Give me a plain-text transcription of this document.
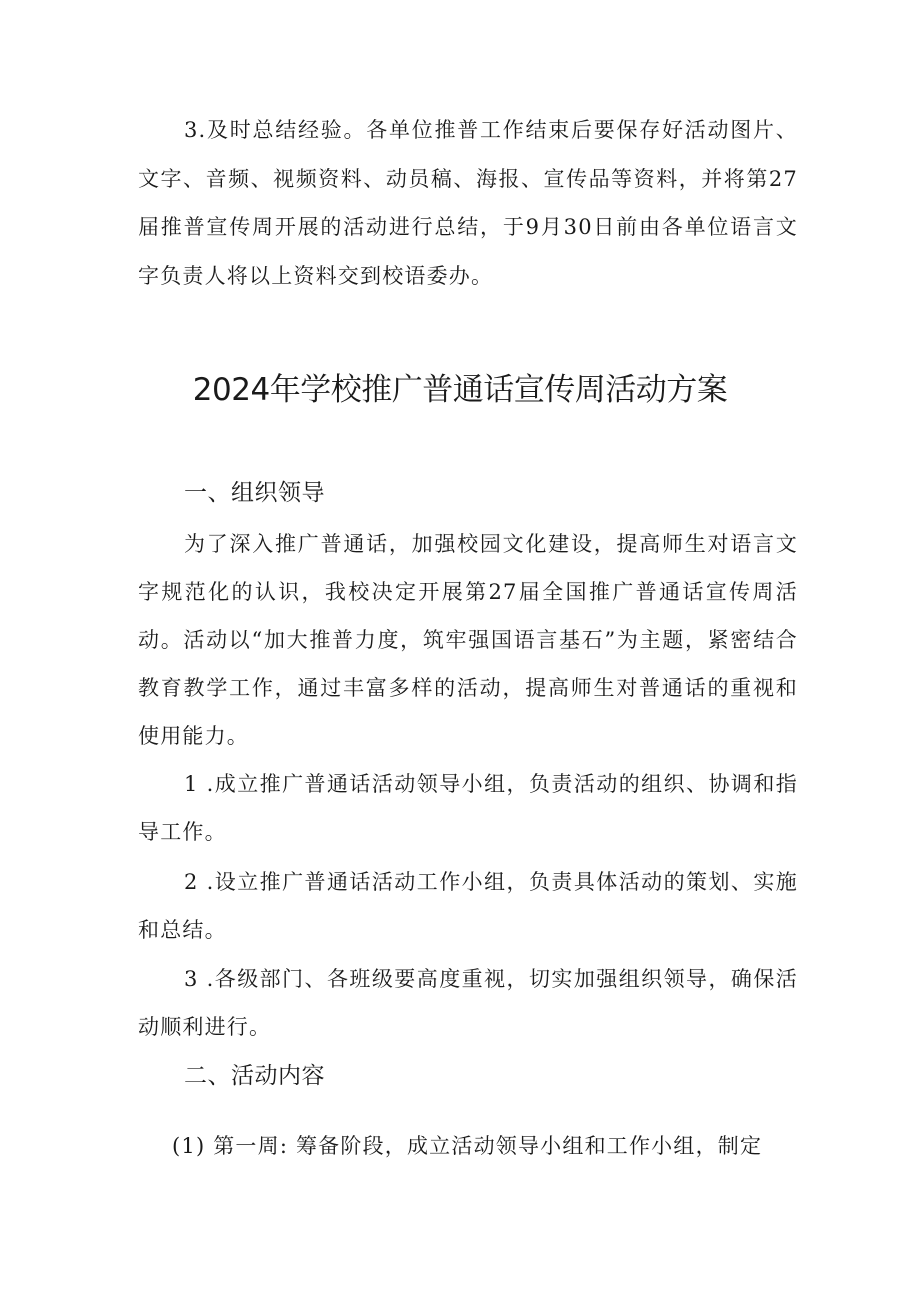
3.及时总结经验。各单位推普工作结束后要保存好活动图片、文字、音频、视频资料、动员稿、海报、宣传品等资料，并将第27届推普宣传周开展的活动进行总结，于9月30日前由各单位语言文字负责人将以上资料交到校语委办。

2024年学校推广普通话宣传周活动方案
一、组织领导

为了深入推广普通话，加强校园文化建设，提高师生对语言文字规范化的认识，我校决定开展第27届全国推广普通话宣传周活动。活动以“加大推普力度，筑牢强国语言基石”为主题，紧密结合教育教学工作，通过丰富多样的活动，提高师生对普通话的重视和使用能力。

1 .成立推广普通话活动领导小组，负责活动的组织、协调和指导工作。

2 .设立推广普通话活动工作小组，负责具体活动的策划、实施和总结。

3 .各级部门、各班级要高度重视，切实加强组织领导，确保活动顺利进行。

二、活动内容

(1) 第一周: 筹备阶段，成立活动领导小组和工作小组，制定
